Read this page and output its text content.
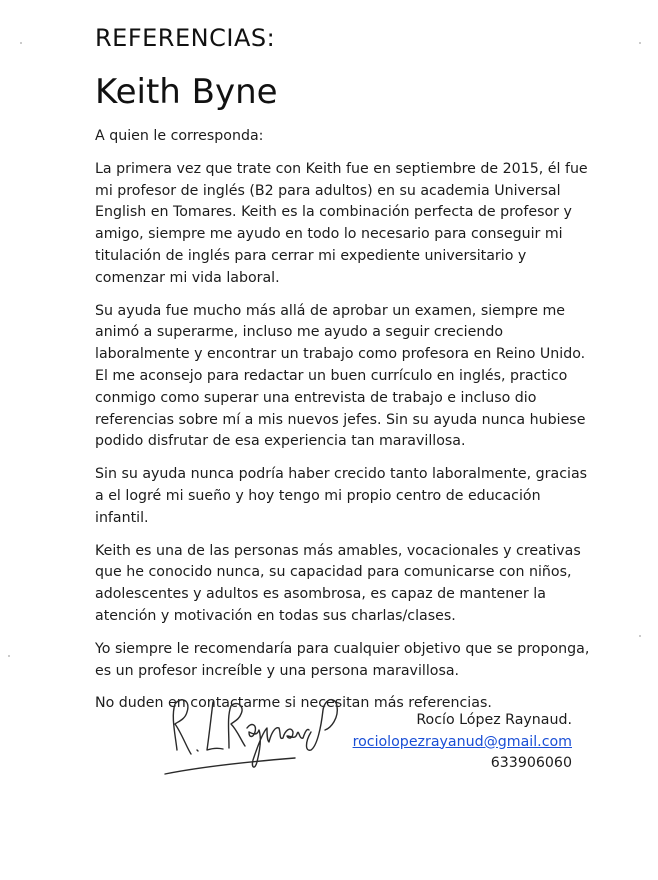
REFERENCIAS:
Keith Byne

A quien le corresponda:

La primera vez que trate con Keith fue en septiembre de 2015, él fue mi profesor de inglés (B2 para adultos) en su academia Universal English en Tomares. Keith es la combinación perfecta de profesor y amigo, siempre me ayudo en todo lo necesario para conseguir mi titulación de inglés para cerrar mi expediente universitario y comenzar mi vida laboral.

Su ayuda fue mucho más allá de aprobar un examen, siempre me animó a superarme, incluso me ayudo a seguir creciendo laboralmente y encontrar un trabajo como profesora en Reino Unido. El me aconsejo para redactar un buen currículo en inglés, practico conmigo como superar una entrevista de trabajo e incluso dio referencias sobre mí a mis nuevos jefes. Sin su ayuda nunca hubiese podido disfrutar de esa experiencia tan maravillosa.

Sin su ayuda nunca podría haber crecido tanto laboralmente, gracias a el logré mi sueño y hoy tengo mi propio centro de educación infantil.

Keith es una de las personas más amables, vocacionales y creativas que he conocido nunca, su capacidad para comunicarse con niños, adolescentes y adultos es asombrosa, es capaz de mantener la atención y motivación en todas sus charlas/clases.

Yo siempre le recomendaría para cualquier objetivo que se proponga, es un profesor increíble y una persona maravillosa.

No duden en contactarme si necesitan más referencias.

Rocío López Raynaud.
rociolopezrayanud@gmail.com
633906060
